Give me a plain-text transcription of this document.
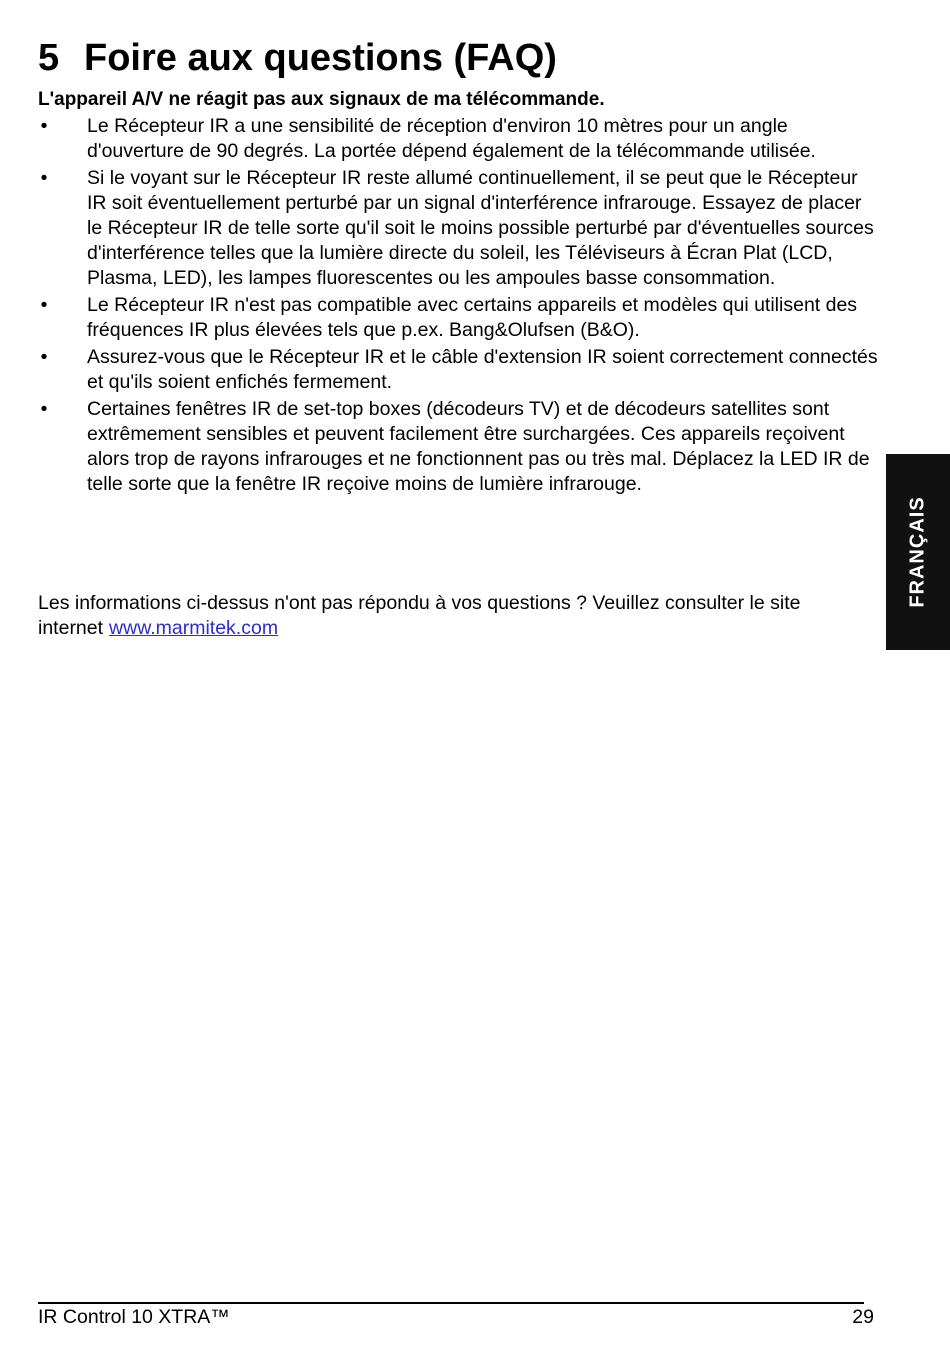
5 Foire aux questions (FAQ)

L'appareil A/V ne réagit pas aux signaux de ma télécommande.

• Le Récepteur IR a une sensibilité de réception d'environ 10 mètres pour un angle d'ouverture de 90 degrés. La portée dépend également de la télécommande utilisée.
• Si le voyant sur le Récepteur IR reste allumé continuellement, il se peut que le Récepteur IR soit éventuellement perturbé par un signal d'interférence infrarouge. Essayez de placer le Récepteur IR de telle sorte qu'il soit le moins possible perturbé par d'éventuelles sources d'interférence telles que la lumière directe du soleil, les Téléviseurs à Écran Plat (LCD, Plasma, LED), les lampes fluorescentes ou les ampoules basse consommation.
• Le Récepteur IR n'est pas compatible avec certains appareils et modèles qui utilisent des fréquences IR plus élevées tels que p.ex. Bang&Olufsen (B&O).
• Assurez-vous que le Récepteur IR et le câble d'extension IR soient correctement connectés et qu'ils soient enfichés fermement.
• Certaines fenêtres IR de set-top boxes (décodeurs TV) et de décodeurs satellites sont extrêmement sensibles et peuvent facilement être surchargées. Ces appareils reçoivent alors trop de rayons infrarouges et ne fonctionnent pas ou très mal. Déplacez la LED IR de telle sorte que la fenêtre IR reçoive moins de lumière infrarouge.

Les informations ci-dessus n'ont pas répondu à vos questions ? Veuillez consulter le site internet www.marmitek.com

FRANÇAIS
IR Control 10 XTRA™	29
